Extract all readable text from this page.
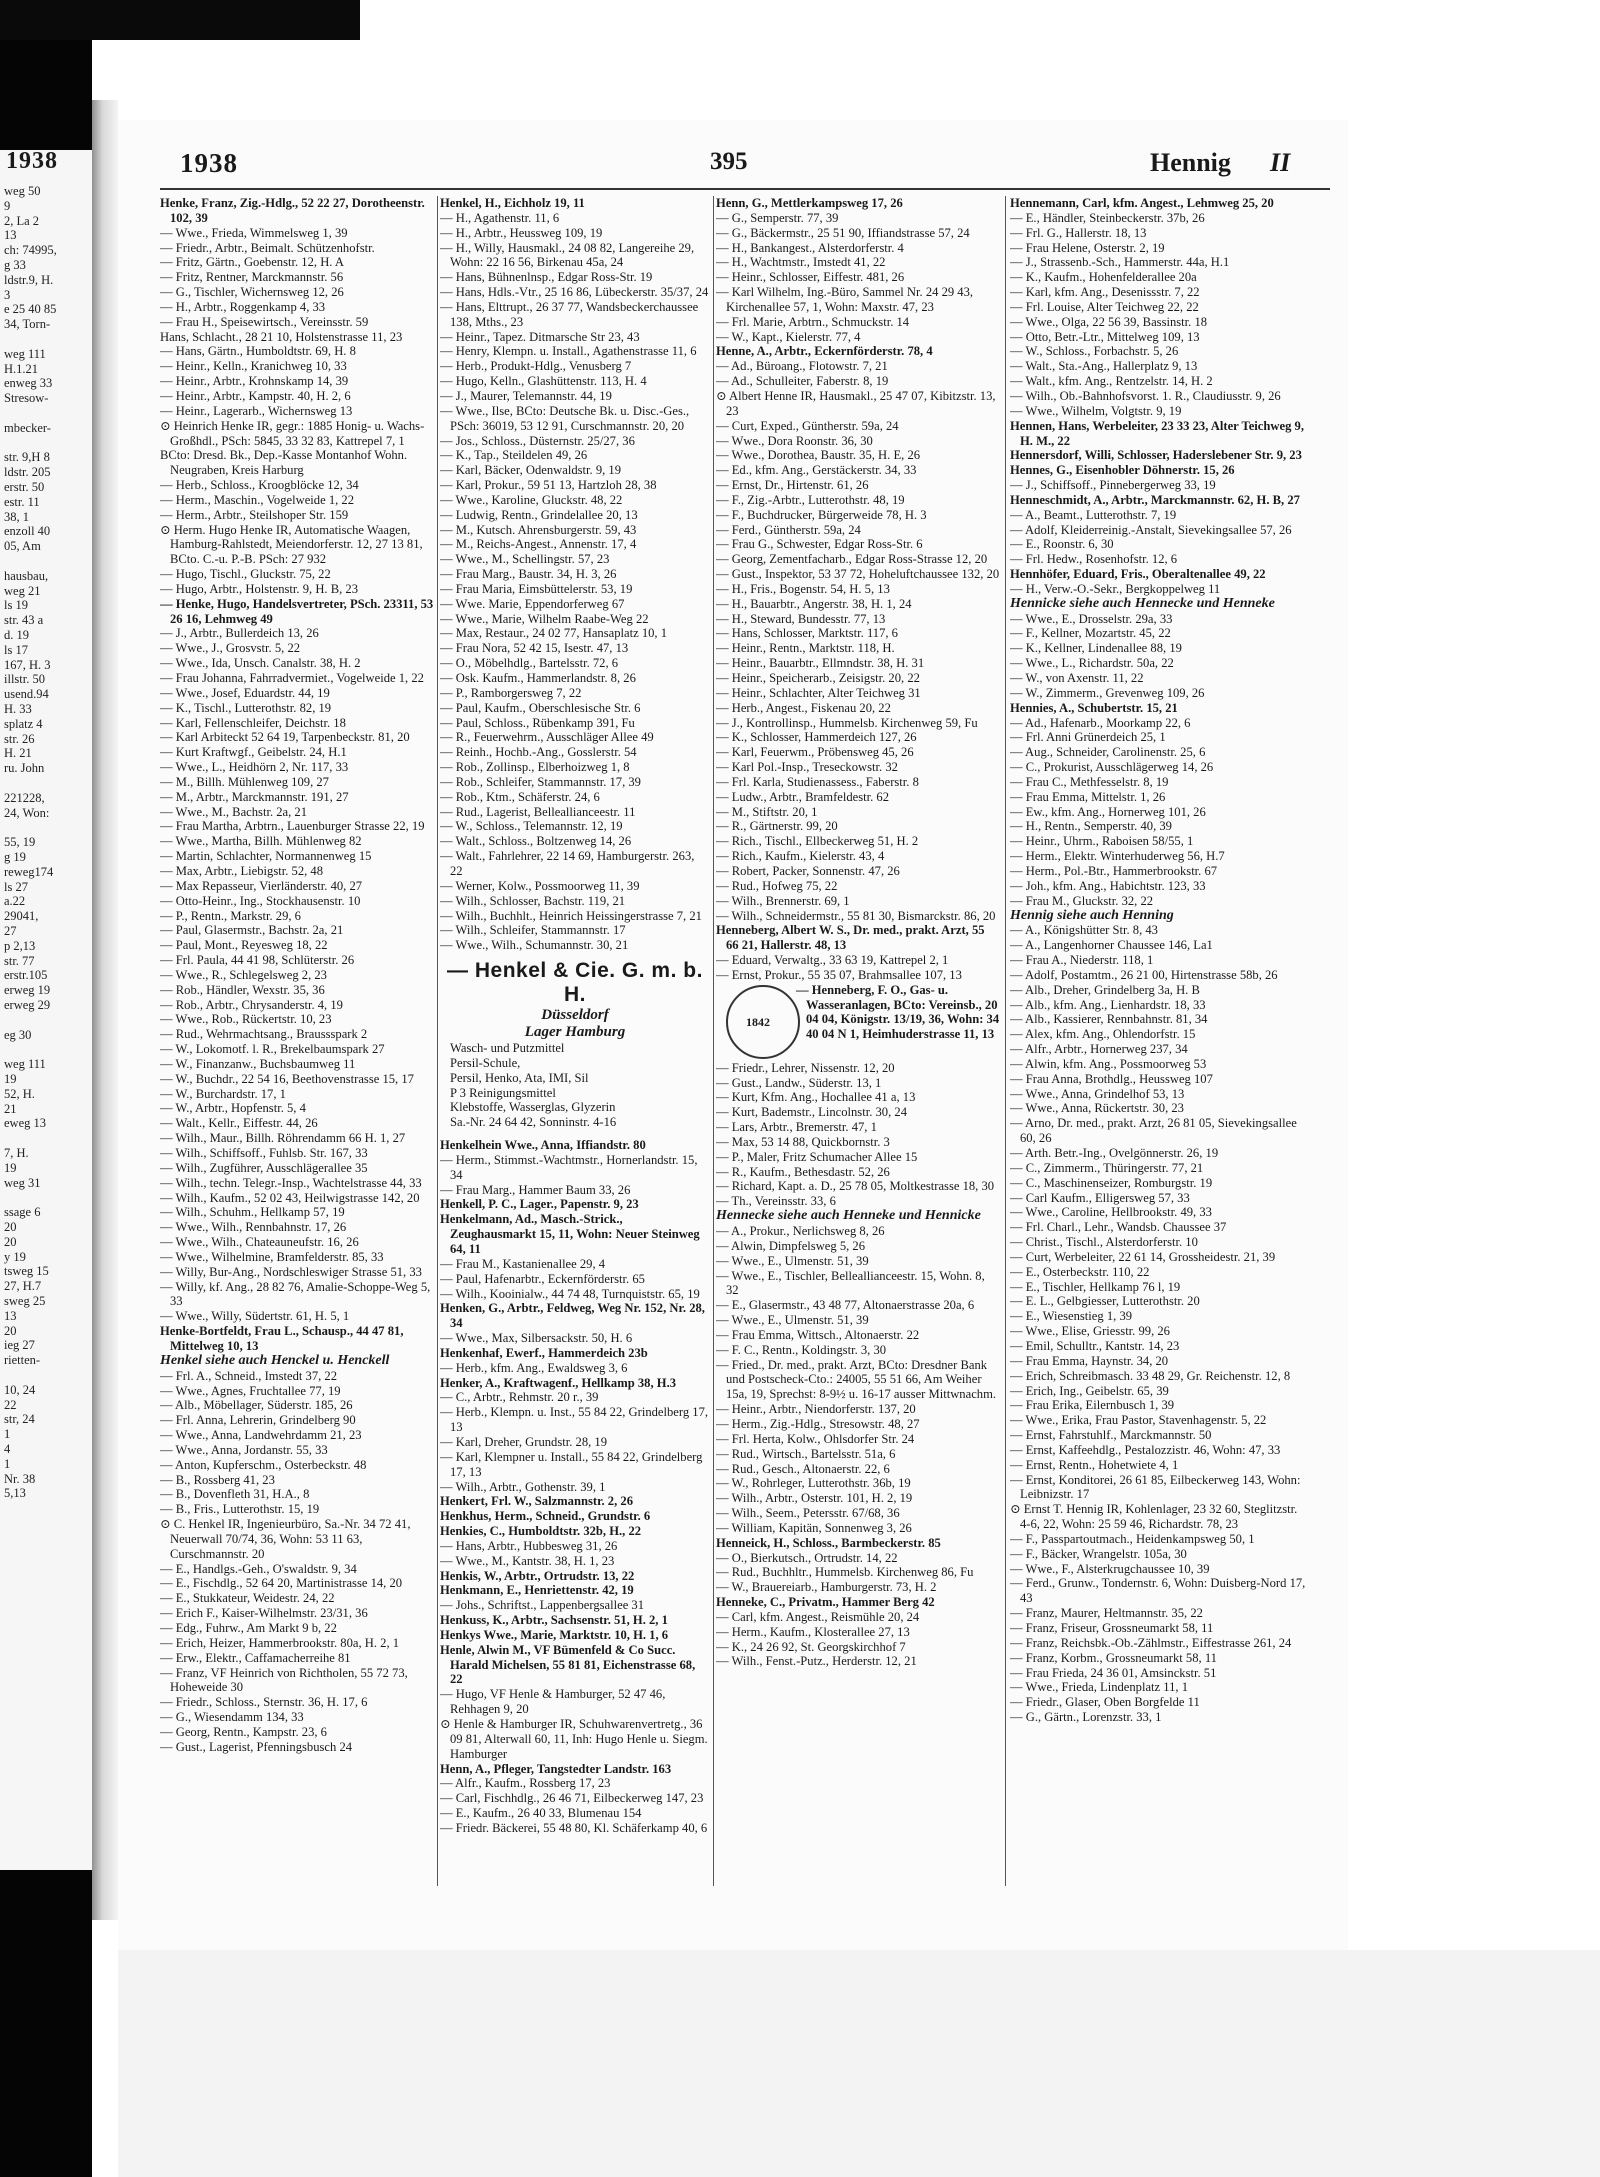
1938
weg 50
9
2, La 2
13
ch: 74995,
g 33
ldstr.9, H.
3
e 25 40 85
34, Torn-
weg 111
H.1.21
enweg 33
Stresow-
mbecker-
str. 9,H 8
ldstr. 205
erstr. 50
estr. 11
38, 1
enzoll 40
05, Am
hausbau,
weg 21
ls 19
str. 43 a
d. 19
ls 17
167, H. 3
illstr. 50
usend.94
H. 33
splatz 4
str. 26
H. 21
ru. John
221228,
24, Won:
55, 19
g 19
reweg174
ls 27
a.22
29041,
27
p 2,13
str. 77
erstr.105
erweg 19
erweg 29
eg 30
weg 111
19
52, H.
21
eweg 13
7, H.
19
weg 31
ssage 6
20
20
y 19
tsweg 15
27, H.7
sweg 25
13
20
ieg 27
rietten-
10, 24
22
str, 24
1
4
1
Nr. 38
5,13
1938	395	Hennig II

Henke, Franz, Zig.-Hdlg., 52 22 27, Dorotheenstr. 102, 39

— Wwe., Frieda, Wimmelsweg 1, 39

— Friedr., Arbtr., Beimalt. Schützenhofstr.

— Fritz, Gärtn., Goebenstr. 12, H. A

— Fritz, Rentner, Marckmannstr. 56

— G., Tischler, Wichernsweg 12, 26

— H., Arbtr., Roggenkamp 4, 33

— Frau H., Speisewirtsch., Vereinsstr. 59

Hans, Schlacht., 28 21 10, Holstenstrasse 11, 23

— Hans, Gärtn., Humboldtstr. 69, H. 8

— Heinr., Kelln., Kranichweg 10, 33

— Heinr., Arbtr., Krohnskamp 14, 39

— Heinr., Arbtr., Kampstr. 40, H. 2, 6

— Heinr., Lagerarb., Wichernsweg 13

⊙ Heinrich Henke IR, gegr.: 1885 Honig- u. Wachs-Großhdl., PSch: 5845, 33 32 83, Kattrepel 7, 1

BCto: Dresd. Bk., Dep.-Kasse Montanhof Wohn. Neugraben, Kreis Harburg

— Herb., Schloss., Kroogblöcke 12, 34

— Herm., Maschin., Vogelweide 1, 22

— Herm., Arbtr., Steilshoper Str. 159

⊙ Herm. Hugo Henke IR, Automatische Waagen, Hamburg-Rahlstedt, Meiendorferstr. 12, 27 13 81, BCto. C.-u. P.-B. PSch: 27 932

— Hugo, Tischl., Gluckstr. 75, 22

— Hugo, Arbtr., Holstenstr. 9, H. B, 23

— Henke, Hugo, Handelsvertreter, PSch. 23311, 53 26 16, Lehmweg 49

— J., Arbtr., Bullerdeich 13, 26

— Wwe., J., Grosvstr. 5, 22

— Wwe., Ida, Unsch. Canalstr. 38, H. 2

— Frau Johanna, Fahrradvermiet., Vogelweide 1, 22

— Wwe., Josef, Eduardstr. 44, 19

— K., Tischl., Lutterothstr. 82, 19

— Karl, Fellenschleifer, Deichstr. 18

— Karl Arbiteckt 52 64 19, Tarpenbeckstr. 81, 20

— Kurt Kraftwgf., Geibelstr. 24, H.1

— Wwe., L., Heidhörn 2, Nr. 117, 33

— M., Billh. Mühlenweg 109, 27

— M., Arbtr., Marckmannstr. 191, 27

— Wwe., M., Bachstr. 2a, 21

— Frau Martha, Arbtrn., Lauenburger Strasse 22, 19

— Wwe., Martha, Billh. Mühlenweg 82

— Martin, Schlachter, Normannenweg 15

— Max, Arbtr., Liebigstr. 52, 48

— Max Repasseur, Vierländerstr. 40, 27

— Otto-Heinr., Ing., Stockhausenstr. 10

— P., Rentn., Markstr. 29, 6

— Paul, Glasermstr., Bachstr. 2a, 21

— Paul, Mont., Reyesweg 18, 22

— Frl. Paula, 44 41 98, Schlüterstr. 26

— Wwe., R., Schlegelsweg 2, 23

— Rob., Händler, Wexstr. 35, 36

— Rob., Arbtr., Chrysanderstr. 4, 19

— Wwe., Rob., Rückertstr. 10, 23

— Rud., Wehrmachtsang., Braussspark 2

— W., Lokomotf. l. R., Brekelbaumspark 27

— W., Finanzanw., Buchsbaumweg 11

— W., Buchdr., 22 54 16, Beethovenstrasse 15, 17

— W., Burchardstr. 17, 1

— W., Arbtr., Hopfenstr. 5, 4

— Walt., Kellr., Eiffestr. 44, 26

— Wilh., Maur., Billh. Röhrendamm 66 H. 1, 27

— Wilh., Schiffsoff., Fuhlsb. Str. 167, 33

— Wilh., Zugführer, Ausschlägerallee 35

— Wilh., techn. Telegr.-Insp., Wachtelstrasse 44, 33

— Wilh., Kaufm., 52 02 43, Heilwigstrasse 142, 20

— Wilh., Schuhm., Hellkamp 57, 19

— Wwe., Wilh., Rennbahnstr. 17, 26

— Wwe., Wilh., Chateauneufstr. 16, 26

— Wwe., Wilhelmine, Bramfelderstr. 85, 33

— Willy, Bur-Ang., Nordschleswiger Strasse 51, 33

— Willy, kf. Ang., 28 82 76, Amalie-Schoppe-Weg 5, 33

— Wwe., Willy, Südertstr. 61, H. 5, 1

Henke-Bortfeldt, Frau L., Schausp., 44 47 81, Mittelweg 10, 13

Henkel siehe auch Henckel u. Henckell

— Frl. A., Schneid., Imstedt 37, 22

— Wwe., Agnes, Fruchtallee 77, 19

— Alb., Möbellager, Süderstr. 185, 26

— Frl. Anna, Lehrerin, Grindelberg 90

— Wwe., Anna, Landwehrdamm 21, 23

— Wwe., Anna, Jordanstr. 55, 33

— Anton, Kupferschm., Osterbeckstr. 48

— B., Rossberg 41, 23

— B., Dovenfleth 31, H.A., 8

— B., Fris., Lutterothstr. 15, 19

⊙ C. Henkel IR, Ingenieurbüro, Sa.-Nr. 34 72 41, Neuerwall 70/74, 36, Wohn: 53 11 63, Curschmannstr. 20

— E., Handlgs.-Geh., O'swaldstr. 9, 34

— E., Fischdlg., 52 64 20, Martinistrasse 14, 20

— E., Stukkateur, Weidestr. 24, 22

— Erich F., Kaiser-Wilhelmstr. 23/31, 36

— Edg., Fuhrw., Am Markt 9 b, 22

— Erich, Heizer, Hammerbrookstr. 80a, H. 2, 1

— Erw., Elektr., Caffamacherreihe 81

— Franz, VF Heinrich von Richtholen, 55 72 73, Hoheweide 30

— Friedr., Schloss., Sternstr. 36, H. 17, 6

— G., Wiesendamm 134, 33

— Georg, Rentn., Kampstr. 23, 6

— Gust., Lagerist, Pfenningsbusch 24

Henkel, H., Eichholz 19, 11

— H., Agathenstr. 11, 6

— H., Arbtr., Heussweg 109, 19

— H., Willy, Hausmakl., 24 08 82, Langereihe 29, Wohn: 22 16 56, Birkenau 45a, 24

— Hans, Bühnenlnsp., Edgar Ross-Str. 19

— Hans, Hdls.-Vtr., 25 16 86, Lübeckerstr. 35/37, 24

— Hans, Elttrupt., 26 37 77, Wandsbeckerchaussee 138, Mths., 23

— Heinr., Tapez. Ditmarsche Str 23, 43

— Henry, Klempn. u. Install., Agathenstrasse 11, 6

— Herb., Produkt-Hdlg., Venusberg 7

— Hugo, Kelln., Glashüttenstr. 113, H. 4

— J., Maurer, Telemannstr. 44, 19

— Wwe., Ilse, BCto: Deutsche Bk. u. Disc.-Ges., PSch: 36019, 53 12 91, Curschmannstr. 20, 20

— Jos., Schloss., Düsternstr. 25/27, 36

— K., Tap., Steildelen 49, 26

— Karl, Bäcker, Odenwaldstr. 9, 19

— Karl, Prokur., 59 51 13, Hartzloh 28, 38

— Wwe., Karoline, Gluckstr. 48, 22

— Ludwig, Rentn., Grindelallee 20, 13

— M., Kutsch. Ahrensburgerstr. 59, 43

— M., Reichs-Angest., Annenstr. 17, 4

— Wwe., M., Schellingstr. 57, 23

— Frau Marg., Baustr. 34, H. 3, 26

— Frau Maria, Eimsbüttelerstr. 53, 19

— Wwe. Marie, Eppendorferweg 67

— Wwe., Marie, Wilhelm Raabe-Weg 22

— Max, Restaur., 24 02 77, Hansaplatz 10, 1

— Frau Nora, 52 42 15, Isestr. 47, 13

— O., Möbelhdlg., Bartelsstr. 72, 6

— Osk. Kaufm., Hammerlandstr. 8, 26

— P., Ramborgersweg 7, 22

— Paul, Kaufm., Oberschlesische Str. 6

— Paul, Schloss., Rübenkamp 391, Fu

— R., Feuerwehrm., Ausschläger Allee 49

— Reinh., Hochb.-Ang., Gosslerstr. 54

— Rob., Zollinsp., Elberhoizweg 1, 8

— Rob., Schleifer, Stammannstr. 17, 39

— Rob., Ktm., Schäferstr. 24, 6

— Rud., Lagerist, Belleallianceestr. 11

— W., Schloss., Telemannstr. 12, 19

— Walt., Schloss., Boltzenweg 14, 26

— Walt., Fahrlehrer, 22 14 69, Hamburgerstr. 263, 22

— Werner, Kolw., Possmoorweg 11, 39

— Wilh., Schlosser, Bachstr. 119, 21

— Wilh., Buchhlt., Heinrich Heissingerstrasse 7, 21

— Wilh., Schleifer, Stammannstr. 17

— Wwe., Wilh., Schumannstr. 30, 21

— Henkel & Cie. G. m. b. H.
Düsseldorf
Lager Hamburg
Wasch- und Putzmittel
Persil-Schule,
Persil, Henko, Ata, IMI, Sil
P 3 Reinigungsmittel
Klebstoffe, Wasserglas, Glyzerin
Sa.-Nr. 24 64 42, Sonninstr. 4-16

Henkelhein Wwe., Anna, Iffiandstr. 80

— Herm., Stimmst.-Wachtmstr., Hornerlandstr. 15, 34

— Frau Marg., Hammer Baum 33, 26

Henkell, P. C., Lager., Papenstr. 9, 23

Henkelmann, Ad., Masch.-Strick., Zeughausmarkt 15, 11, Wohn: Neuer Steinweg 64, 11

— Frau M., Kastanienallee 29, 4

— Paul, Hafenarbtr., Eckernförderstr. 65

— Wilh., Kooinialw., 44 74 48, Turnquiststr. 65, 19

Henken, G., Arbtr., Feldweg, Weg Nr. 152, Nr. 28, 34

— Wwe., Max, Silbersackstr. 50, H. 6

Henkenhaf, Ewerf., Hammerdeich 23b

— Herb., kfm. Ang., Ewaldsweg 3, 6

Henker, A., Kraftwagenf., Hellkamp 38, H.3

— C., Arbtr., Rehmstr. 20 r., 39

— Herb., Klempn. u. Inst., 55 84 22, Grindelberg 17, 13

— Karl, Dreher, Grundstr. 28, 19

— Karl, Klempner u. Install., 55 84 22, Grindelberg 17, 13

— Wilh., Arbtr., Gothenstr. 39, 1

Henkert, Frl. W., Salzmannstr. 2, 26

Henkhus, Herm., Schneid., Grundstr. 6

Henkies, C., Humboldtstr. 32b, H., 22

— Hans, Arbtr., Hubbesweg 31, 26

— Wwe., M., Kantstr. 38, H. 1, 23

Henkis, W., Arbtr., Ortrudstr. 13, 22

Henkmann, E., Henriettenstr. 42, 19

— Johs., Schriftst., Lappenbergsallee 31

Henkuss, K., Arbtr., Sachsenstr. 51, H. 2, 1

Henkys Wwe., Marie, Marktstr. 10, H. 1, 6

Henle, Alwin M., VF Bümenfeld & Co Succ. Harald Michelsen, 55 81 81, Eichenstrasse 68, 22

— Hugo, VF Henle & Hamburger, 52 47 46, Rehhagen 9, 20

⊙ Henle & Hamburger IR, Schuhwarenvertretg., 36 09 81, Alterwall 60, 11, Inh: Hugo Henle u. Siegm. Hamburger

Henn, A., Pfleger, Tangstedter Landstr. 163

— Alfr., Kaufm., Rossberg 17, 23

— Carl, Fischhdlg., 26 46 71, Eilbeckerweg 147, 23

— E., Kaufm., 26 40 33, Blumenau 154

— Friedr. Bäckerei, 55 48 80, Kl. Schäferkamp 40, 6

Henn, G., Mettlerkampsweg 17, 26

— G., Semperstr. 77, 39

— G., Bäckermstr., 25 51 90, Iffiandstrasse 57, 24

— H., Bankangest., Alsterdorferstr. 4

— H., Wachtmstr., Imstedt 41, 22

— Heinr., Schlosser, Eiffestr. 481, 26

— Karl Wilhelm, Ing.-Büro, Sammel Nr. 24 29 43, Kirchenallee 57, 1, Wohn: Maxstr. 47, 23

— Frl. Marie, Arbtrn., Schmuckstr. 14

— W., Kapt., Kielerstr. 77, 4

Henne, A., Arbtr., Eckernförderstr. 78, 4

— Ad., Bürоang., Flotowstr. 7, 21

— Ad., Schulleiter, Faberstr. 8, 19

⊙ Albert Henne IR, Hausmakl., 25 47 07, Kibitzstr. 13, 23

— Curt, Exped., Güntherstr. 59a, 24

— Wwe., Dora Roonstr. 36, 30

— Wwe., Dorothea, Baustr. 35, H. E, 26

— Ed., kfm. Ang., Gerstäckerstr. 34, 33

— Ernst, Dr., Hirtenstr. 61, 26

— F., Zig.-Arbtr., Lutterothstr. 48, 19

— F., Buchdrucker, Bürgerweide 78, H. 3

— Ferd., Güntherstr. 59a, 24

— Frau G., Schwester, Edgar Ross-Str. 6

— Georg, Zementfacharb., Edgar Ross-Strasse 12, 20

— Gust., Inspektor, 53 37 72, Hoheluftchaussee 132, 20

— H., Fris., Bogenstr. 54, H. 5, 13

— H., Bauarbtr., Angerstr. 38, H. 1, 24

— H., Steward, Bundesstr. 77, 13

— Hans, Schlosser, Marktstr. 117, 6

— Heinr., Rentn., Marktstr. 118, H.

— Heinr., Bauarbtr., Ellmndstr. 38, H. 31

— Heinr., Speicherarb., Zeisigstr. 20, 22

— Heinr., Schlachter, Alter Teichweg 31

— Herb., Angest., Fiskenau 20, 22

— J., Kontrollinsp., Hummelsb. Kirchenweg 59, Fu

— K., Schlosser, Hammerdeich 127, 26

— Karl, Feuerwm., Pröbensweg 45, 26

— Karl Pol.-Insp., Treseckowstr. 32

— Frl. Karla, Studienassess., Faberstr. 8

— Ludw., Arbtr., Bramfeldestr. 62

— M., Stiftstr. 20, 1

— R., Gärtnerstr. 99, 20

— Rich., Tischl., Ellbeckerweg 51, H. 2

— Rich., Kaufm., Kielerstr. 43, 4

— Robert, Packer, Sonnenstr. 47, 26

— Rud., Hofweg 75, 22

— Wilh., Brennerstr. 69, 1

— Wilh., Schneidermstr., 55 81 30, Bismarckstr. 86, 20

Henneberg, Albert W. S., Dr. med., prakt. Arzt, 55 66 21, Hallerstr. 48, 13

— Eduard, Verwaltg., 33 63 19, Kattrepel 2, 1

— Ernst, Prokur., 55 35 07, Brahmsallee 107, 13

1842
— Henneberg, F. O., Gas- u. Wasseranlagen, BCto: Vereinsb., 20 04 04, Königstr. 13/19, 36, Wohn: 34 40 04 N 1, Heimhuderstrasse 11, 13

— Friedr., Lehrer, Nissenstr. 12, 20

— Gust., Landw., Süderstr. 13, 1

— Kurt, Kfm. Ang., Hochallee 41 a, 13

— Kurt, Bademstr., Lincolnstr. 30, 24

— Lars, Arbtr., Bremerstr. 47, 1

— Max, 53 14 88, Quickbornstr. 3

— P., Maler, Fritz Schumacher Allee 15

— R., Kaufm., Bethesdastr. 52, 26

— Richard, Kapt. a. D., 25 78 05, Moltkestrasse 18, 30

— Th., Vereinsstr. 33, 6

Hennecke siehe auch Henneke und Hennicke

— A., Prokur., Nerlichsweg 8, 26

— Alwin, Dimpfelsweg 5, 26

— Wwe., E., Ulmenstr. 51, 39

— Wwe., E., Tischler, Belleallianceestr. 15, Wohn. 8, 32

— E., Glasermstr., 43 48 77, Altonaerstrasse 20a, 6

— Wwe., E., Ulmenstr. 51, 39

— Frau Emma, Wittsch., Altonaerstr. 22

— F. C., Rentn., Koldingstr. 3, 30

— Fried., Dr. med., prakt. Arzt, BCto: Dresdner Bank und Postscheck-Cto.: 24005, 55 51 66, Am Weiher 15a, 19, Sprechst: 8-9½ u. 16-17 ausser Mittwnachm.

— Heinr., Arbtr., Niendorferstr. 137, 20

— Herm., Zig.-Hdlg., Stresowstr. 48, 27

— Frl. Herta, Kolw., Ohlsdorfer Str. 24

— Rud., Wirtsch., Bartelsstr. 51a, 6

— Rud., Gesch., Altonaerstr. 22, 6

— W., Rohrleger, Lutterothstr. 36b, 19

— Wilh., Arbtr., Osterstr. 101, H. 2, 19

— Wilh., Seem., Petersstr. 67/68, 36

— William, Kapitän, Sonnenweg 3, 26

Henneick, H., Schloss., Barmbeckerstr. 85

— O., Bierkutsch., Ortrudstr. 14, 22

— Rud., Buchhltr., Hummelsb. Kirchenweg 86, Fu

— W., Brauereiarb., Hamburgerstr. 73, H. 2

Henneke, C., Privatm., Hammer Berg 42

— Carl, kfm. Angest., Reismühle 20, 24

— Herm., Kaufm., Klosterallee 27, 13

— K., 24 26 92, St. Georgskirchhof 7

— Wilh., Fenst.-Putz., Herderstr. 12, 21

Hennemann, Carl, kfm. Angest., Lehmweg 25, 20

— E., Händler, Steinbeckerstr. 37b, 26

— Frl. G., Hallerstr. 18, 13

— Frau Helene, Osterstr. 2, 19

— J., Strassenb.-Sch., Hammerstr. 44a, H.1

— K., Kaufm., Hohenfelderallee 20a

— Karl, kfm. Ang., Desenissstr. 7, 22

— Frl. Louise, Alter Teichweg 22, 22

— Wwe., Olga, 22 56 39, Bassinstr. 18

— Otto, Betr.-Ltr., Mittelweg 109, 13

— W., Schloss., Forbachstr. 5, 26

— Walt., Sta.-Ang., Hallerplatz 9, 13

— Walt., kfm. Ang., Rentzelstr. 14, H. 2

— Wilh., Ob.-Bahnhofsvorst. 1. R., Claudiusstr. 9, 26

— Wwe., Wilhelm, Volgtstr. 9, 19

Hennen, Hans, Werbeleiter, 23 33 23, Alter Teichweg 9, H. M., 22

Hennersdorf, Willi, Schlosser, Haderslebener Str. 9, 23

Hennes, G., Eisenhobler Döhnerstr. 15, 26

— J., Schiffsoff., Pinnebergerweg 33, 19

Henneschmidt, A., Arbtr., Marckmannstr. 62, H. B, 27

— A., Beamt., Lutterothstr. 7, 19

— Adolf, Kleiderreinig.-Anstalt, Sievekingsallee 57, 26

— E., Roonstr. 6, 30

— Frl. Hedw., Rosenhofstr. 12, 6

Hennhöfer, Eduard, Fris., Oberaltenallee 49, 22

— H., Verw.-O.-Sekr., Bergkoppelweg 11

Hennicke siehe auch Hennecke und Henneke

— Wwe., E., Drosselstr. 29a, 33

— F., Kellner, Mozartstr. 45, 22

— K., Kellner, Lindenallee 88, 19

— Wwe., L., Richardstr. 50a, 22

— W., von Axenstr. 11, 22

— W., Zimmerm., Grevenweg 109, 26

Hennies, A., Schubertstr. 15, 21

— Ad., Hafenarb., Moorkamp 22, 6

— Frl. Anni Grünerdeich 25, 1

— Aug., Schneider, Carolinenstr. 25, 6

— C., Prokurist, Ausschlägerweg 14, 26

— Frau C., Methfesselstr. 8, 19

— Frau Emma, Mittelstr. 1, 26

— Ew., kfm. Ang., Hornerweg 101, 26

— H., Rentn., Semperstr. 40, 39

— Heinr., Uhrm., Raboisen 58/55, 1

— Herm., Elektr. Winterhuderweg 56, H.7

— Herm., Pol.-Btr., Hammerbrookstr. 67

— Joh., kfm. Ang., Habichtstr. 123, 33

— Frau M., Gluckstr. 32, 22

Hennig siehe auch Henning

— A., Königshütter Str. 8, 43

— A., Langenhorner Chaussee 146, La1

— Frau A., Niederstr. 118, 1

— Adolf, Postamtm., 26 21 00, Hirtenstrasse 58b, 26

— Alb., Dreher, Grindelberg 3a, H. B

— Alb., kfm. Ang., Lienhardstr. 18, 33

— Alb., Kassierer, Rennbahnstr. 81, 34

— Alex, kfm. Ang., Ohlendorfstr. 15

— Alfr., Arbtr., Hornerweg 237, 34

— Alwin, kfm. Ang., Possmoorweg 53

— Frau Anna, Brothdlg., Heussweg 107

— Wwe., Anna, Grindelhof 53, 13

— Wwe., Anna, Rückertstr. 30, 23

— Arno, Dr. med., prakt. Arzt, 26 81 05, Sievekingsallee 60, 26

— Arth. Betr.-Ing., Ovelgönnerstr. 26, 19

— C., Zimmerm., Thüringerstr. 77, 21

— C., Maschinenseizer, Romburgstr. 19

— Carl Kaufm., Elligersweg 57, 33

— Wwe., Caroline, Hellbrookstr. 49, 33

— Frl. Charl., Lehr., Wandsb. Chaussee 37

— Christ., Tischl., Alsterdorferstr. 10

— Curt, Werbeleiter, 22 61 14, Grossheidestr. 21, 39

— E., Osterbeckstr. 110, 22

— E., Tischler, Hellkamp 76 l, 19

— E. L., Gelbgiesser, Lutterothstr. 20

— E., Wiesenstieg 1, 39

— Wwe., Elise, Griesstr. 99, 26

— Emil, Schulltr., Kantstr. 14, 23

— Frau Emma, Haynstr. 34, 20

— Erich, Schreibmasch. 33 48 29, Gr. Reichenstr. 12, 8

— Erich, Ing., Geibelstr. 65, 39

— Frau Erika, Eilernbusch 1, 39

— Wwe., Erika, Frau Pastor, Stavenhagenstr. 5, 22

— Ernst, Fahrstuhlf., Marckmannstr. 50

— Ernst, Kaffeehdlg., Pestalozzistr. 46, Wohn: 47, 33

— Ernst, Rentn., Hohetwiete 4, 1

— Ernst, Konditorei, 26 61 85, Eilbeckerweg 143, Wohn: Leibnizstr. 17

⊙ Ernst T. Hennig IR, Kohlenlager, 23 32 60, Steglitzstr. 4-6, 22, Wohn: 25 59 46, Richardstr. 78, 23

— F., Passpartoutmach., Heidenkampsweg 50, 1

— F., Bäcker, Wrangelstr. 105a, 30

— Wwe., F., Alsterkrugchaussee 10, 39

— Ferd., Grunw., Tondernstr. 6, Wohn: Duisberg-Nord 17, 43

— Franz, Maurer, Heltmannstr. 35, 22

— Franz, Friseur, Grossneumarkt 58, 11

— Franz, Reichsbk.-Ob.-Zählmstr., Eiffestrasse 261, 24

— Franz, Korbm., Grossneumarkt 58, 11

— Frau Frieda, 24 36 01, Amsinckstr. 51

— Wwe., Frieda, Lindenplatz 11, 1

— Friedr., Glaser, Oben Borgfelde 11

— G., Gärtn., Lorenzstr. 33, 1
